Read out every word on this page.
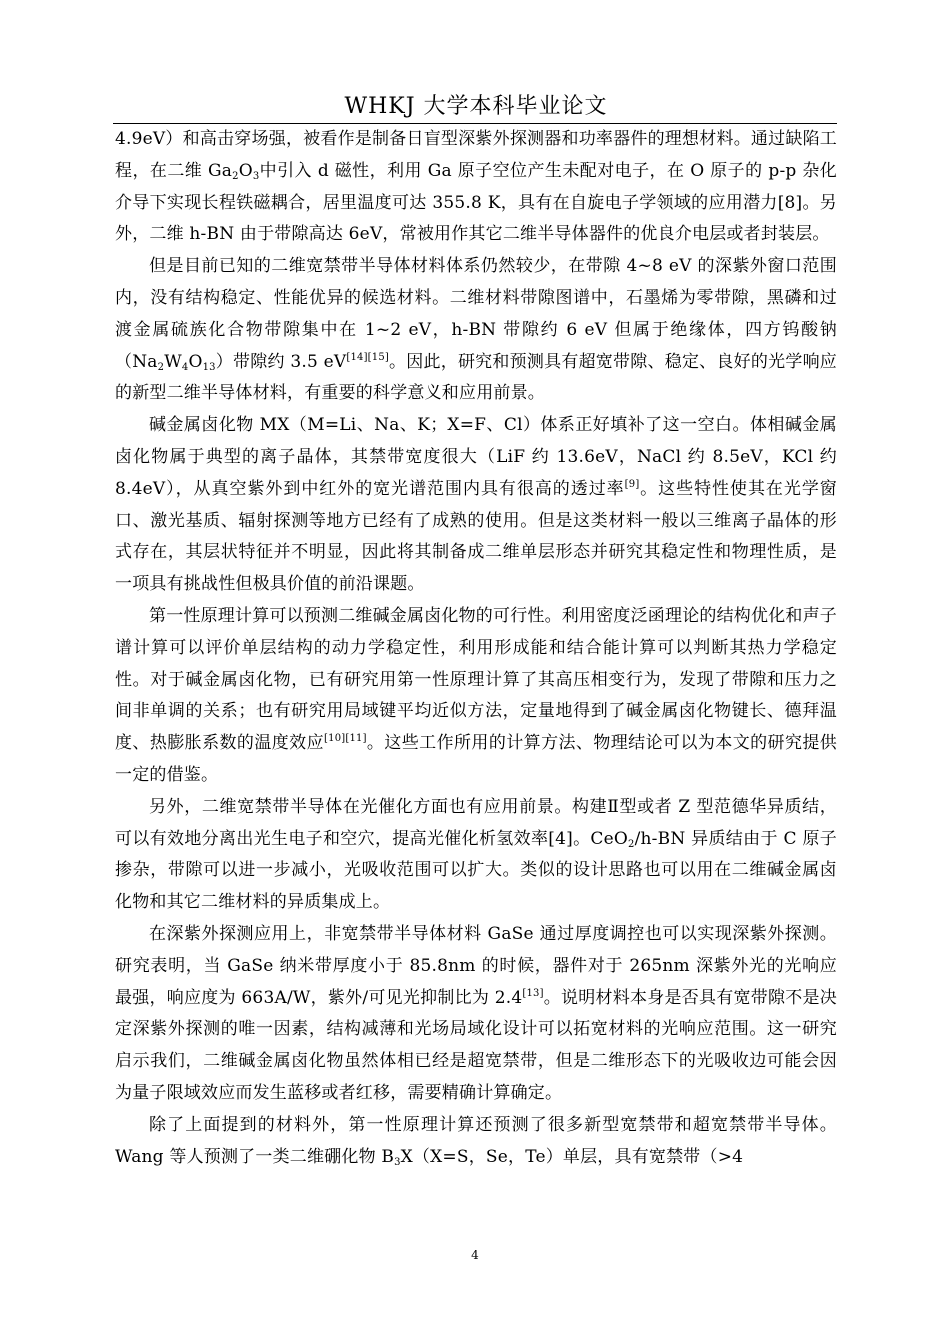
WHKJ 大学本科毕业论文

4.9eV）和高击穿场强，被看作是制备日盲型深紫外探测器和功率器件的理想材料。通过缺陷工程，在二维 $Ga_2O_3$中引入 d 磁性，利用 Ga 原子空位产生未配对电子，在 O 原子的 p-p 杂化介导下实现长程铁磁耦合，居里温度可达 355.8 K，具有在自旋电子学领域的应用潜力[8]。另外，二维 h-BN 由于带隙高达 6eV，常被用作其它二维半导体器件的优良介电层或者封装层。

但是目前已知的二维宽禁带半导体材料体系仍然较少，在带隙 4~8 eV 的深紫外窗口范围内，没有结构稳定、性能优异的候选材料。二维材料带隙图谱中，石墨烯为零带隙，黑磷和过渡金属硫族化合物带隙集中在 1~2 eV，h-BN 带隙约 6 eV 但属于绝缘体，四方钨酸钠$(Na_2W_4O_{13})$带隙约 3.5 eV[14][15]。因此，研究和预测具有超宽带隙、稳定、良好的光学响应的新型二维半导体材料，有重要的科学意义和应用前景。

碱金属卤化物 MX（M=Li、Na、K；X=F、Cl）体系正好填补了这一空白。体相碱金属卤化物属于典型的离子晶体，其禁带宽度很大（LiF 约 13.6eV，NaCl 约 8.5eV，KCl 约 8.4eV），从真空紫外到中红外的宽光谱范围内具有很高的透过率[9]。这些特性使其在光学窗口、激光基质、辐射探测等地方已经有了成熟的使用。但是这类材料一般以三维离子晶体的形式存在，其层状特征并不明显，因此将其制备成二维单层形态并研究其稳定性和物理性质，是一项具有挑战性但极具价值的前沿课题。

第一性原理计算可以预测二维碱金属卤化物的可行性。利用密度泛函理论的结构优化和声子谱计算可以评价单层结构的动力学稳定性，利用形成能和结合能计算可以判断其热力学稳定性。对于碱金属卤化物，已有研究用第一性原理计算了其高压相变行为，发现了带隙和压力之间非单调的关系；也有研究用局域键平均近似方法，定量地得到了碱金属卤化物键长、德拜温度、热膨胀系数的温度效应[10][11]。这些工作所用的计算方法、物理结论可以为本文的研究提供一定的借鉴。

另外，二维宽禁带半导体在光催化方面也有应用前景。构建Ⅱ型或者 Z 型范德华异质结，可以有效地分离出光生电子和空穴，提高光催化析氢效率[4]。CeO$_2$/h-BN 异质结由于 C 原子掺杂，带隙可以进一步减小，光吸收范围可以扩大。类似的设计思路也可以用在二维碱金属卤化物和其它二维材料的异质集成上。

在深紫外探测应用上，非宽禁带半导体材料 GaSe 通过厚度调控也可以实现深紫外探测。研究表明，当 GaSe 纳米带厚度小于 85.8nm 的时候，器件对于 265nm 深紫外光的光响应最强，响应度为 663A/W，紫外/可见光抑制比为 2.4[13]。说明材料本身是否具有宽带隙不是决定深紫外探测的唯一因素，结构减薄和光场局域化设计可以拓宽材料的光响应范围。这一研究启示我们，二维碱金属卤化物虽然体相已经是超宽禁带，但是二维形态下的光吸收边可能会因为量子限域效应而发生蓝移或者红移，需要精确计算确定。

除了上面提到的材料外，第一性原理计算还预测了很多新型宽禁带和超宽禁带半导体。Wang 等人预测了一类二维硼化物 $B_3X(X=S$，Se，Te）单层，具有宽禁带（>4

4
